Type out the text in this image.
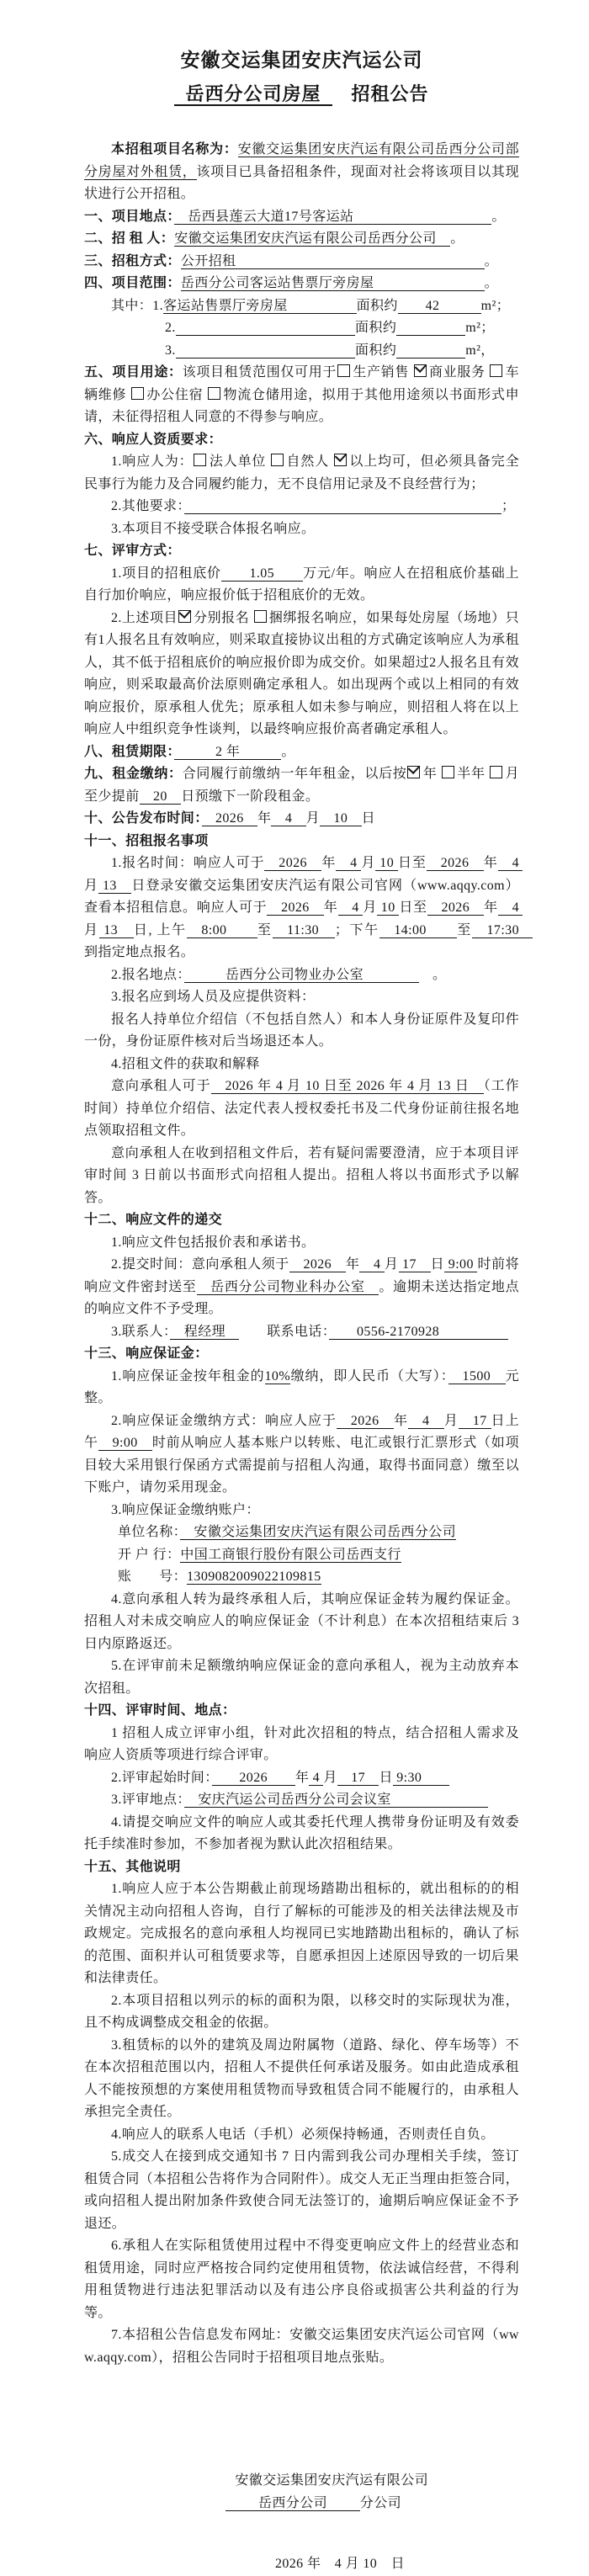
安徽交运集团安庆汽运公司

岳西分公司房屋　招租公告

本招租项目名称为：安徽交运集团安庆汽运有限公司岳西分公司部分房屋对外租赁，该项目已具备招租条件，现面对社会将该项目以其现状进行公开招租。

一、项目地点：　岳西县莲云大道17号客运站　　　　　　　　　　。

二、招 租 人：安徽交运集团安庆汽运有限公司岳西分公司　。

三、招租方式：公开招租　　　　　　　　　　　　　　　　　　。

四、项目范围：岳西分公司客运站售票厅旁房屋　　　　　　　　。

其中：1.客运站售票厅旁房屋　　　　　面积约　　42　　　m²；

2.　　　　　　　　　　　　　	面积约　　　　　	m²；

3.　　　　　　　　　　　　　	面积约　　　　　	m²，

五、项目用途：该项目租赁范围仅可用于 生产销售 商业服务 车辆维修 办公住宿 物流仓储用途，拟用于其他用途须以书面形式申请，未征得招租人同意的不得参与响应。

六、响应人资质要求：

1.响应人为： 法人单位 自然人 以上均可，但必须具备完全民事行为能力及合同履约能力，无不良信用记录及不良经营行为；

2.其他要求：　　　　　　　　　　　　　　　　　　　　　　　	；

3.本项目不接受联合体报名响应。

七、评审方式：

1.项目的招租底价　　1.05　　万元/年。响应人在招租底价基础上自行加价响应，响应报价低于招租底价的无效。

2.上述项目 分别报名 捆绑报名响应，如果每处房屋（场地）只有1人报名且有效响应，则采取直接协议出租的方式确定该响应人为承租人，其不低于招租底价的响应报价即为成交价。如果超过2人报名且有效响应，则采取最高价法原则确定承租人。如出现两个或以上相同的有效响应报价，原承租人优先；原承租人如未参与响应，则招租人将在以上响应人中组织竞争性谈判，以最终响应报价高者确定承租人。

八、租赁期限：　　　2 年　　　。

九、租金缴纳：合同履行前缴纳一年年租金，以后按 年 半年 月至少提前　20　日预缴下一阶段租金。

十、公告发布时间：　2026　年　4　月　10　日

十一、招租报名事项

1.报名时间：响应人可于　2026　年　4 月 10 日至　2026　年　4 月 13　日登录安徽交运集团安庆汽运有限公司官网（www.aqqy.com）查看本招租信息。响应人可于　2026　年　4 月 10 日至　2026　年　4 月 13　日, 上午　8:00　　至　11:30　；下午　14:00　　至　17:30　到指定地点报名。

2.报名地点：　　　岳西分公司物业办公室　　　　　。

3.报名应到场人员及应提供资料：

报名人持单位介绍信（不包括自然人）和本人身份证原件及复印件一份，身份证原件核对后当场退还本人。

4.招租文件的获取和解释

意向承租人可于　2026 年 4 月 10 日至 2026 年 4 月 13 日　（工作时间）持单位介绍信、法定代表人授权委托书及二代身份证前往报名地点领取招租文件。

意向承租人在收到招租文件后，若有疑问需要澄清，应于本项目评审时间 3 日前以书面形式向招租人提出。招租人将以书面形式予以解答。

十二、响应文件的递交

1.响应文件包括报价表和承诺书。

2.提交时间：意向承租人须于　2026　年　4 月 17　日 9:00 时前将响应文件密封送至　岳西分公司物业科办公室　。逾期未送达指定地点的响应文件不予受理。

3.联系人：　程经理　　　联系电话：　　0556-2170928　　　　　

十三、响应保证金：

1.响应保证金按年租金的10%缴纳，即人民币（大写）：　1500　元整。

2.响应保证金缴纳方式：响应人应于　2026　年　4　月　17 日上午　9:00　时前从响应人基本账户以转账、电汇或银行汇票形式（如项目较大采用银行保函方式需提前与招租人沟通，取得书面同意）缴至以下账户，请勿采用现金。

3.响应保证金缴纳账户：

单位名称：　安徽交运集团安庆汽运有限公司岳西分公司

开 户 行：中国工商银行股份有限公司岳西支行

账　　号：1309082009022109815

4.意向承租人转为最终承租人后，其响应保证金转为履约保证金。招租人对未成交响应人的响应保证金（不计利息）在本次招租结束后 3 日内原路返还。

5.在评审前未足额缴纳响应保证金的意向承租人，视为主动放弃本次招租。

十四、评审时间、地点：

1 招租人成立评审小组，针对此次招租的特点，结合招租人需求及响应人资质等项进行综合评审。

2.评审起始时间：　　2026　　年 4 月　17　日 9:30　　

3.评审地点：　安庆汽运公司岳西分公司会议室　　　　　　　

4.请提交响应文件的响应人或其委托代理人携带身份证明及有效委托手续准时参加，不参加者视为默认此次招租结果。

十五、其他说明

1.响应人应于本公告期截止前现场踏勘出租标的，就出租标的的相关情况主动向招租人咨询，自行了解标的可能涉及的相关法律法规及市政规定。完成报名的意向承租人均视同已实地踏勘出租标的，确认了标的范围、面积并认可租赁要求等，自愿承担因上述原因导致的一切后果和法律责任。

2.本项目招租以列示的标的面积为限，以移交时的实际现状为准，且不构成调整成交租金的依据。

3.租赁标的以外的建筑及周边附属物（道路、绿化、停车场等）不在本次招租范围以内，招租人不提供任何承诺及服务。如由此造成承租人不能按预想的方案使用租赁物而导致租赁合同不能履行的，由承租人承担完全责任。

4.响应人的联系人电话（手机）必须保持畅通，否则责任自负。

5.成交人在接到成交通知书 7 日内需到我公司办理相关手续，签订租赁合同（本招租公告将作为合同附件）。成交人无正当理由拒签合同，或向招租人提出附加条件致使合同无法签订的，逾期后响应保证金不予退还。

6.承租人在实际租赁使用过程中不得变更响应文件上的经营业态和租赁用途，同时应严格按合同约定使用租赁物，依法诚信经营，不得利用租赁物进行违法犯罪活动以及有违公序良俗或损害公共利益的行为等。

7.本招租公告信息发布网址：安徽交运集团安庆汽运公司官网（www.aqqy.com），招租公告同时于招租项目地点张贴。

安徽交运集团安庆汽运有限公司

　　岳西分公司　　分公司

2026 年　4 月 10　日
